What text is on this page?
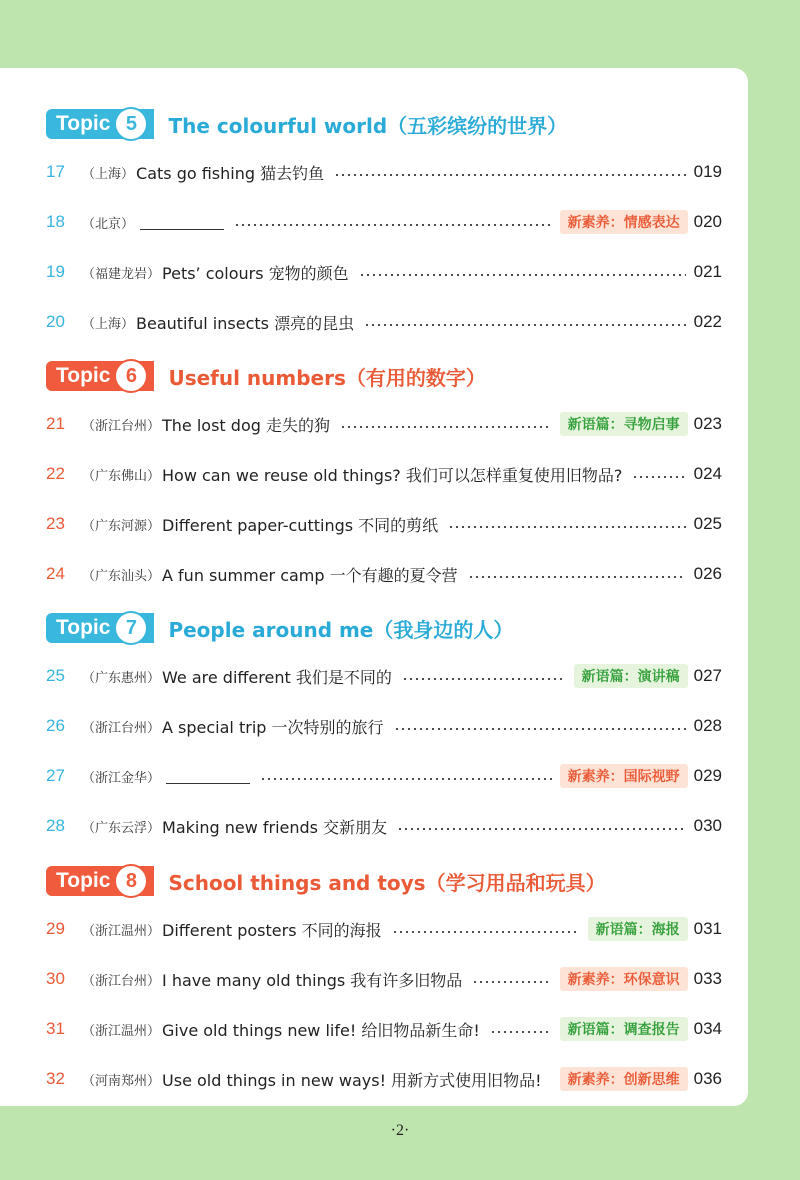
Topic 5	The colourful world（五彩缤纷的世界）
17	（上海） Cats go fishing 猫去钓鱼	019
18	（北京）	新素养：情感表达 020
19	（福建龙岩） Pets’ colours 宠物的颜色	021
20	（上海） Beautiful insects 漂亮的昆虫	022
Topic 6	Useful numbers（有用的数字）
21	（浙江台州） The lost dog 走失的狗	新语篇：寻物启事 023
22	（广东佛山） How can we reuse old things? 我们可以怎样重复使用旧物品?	024
23	（广东河源） Different paper-cuttings 不同的剪纸	025
24	（广东汕头） A fun summer camp 一个有趣的夏令营	026
Topic 7	People around me（我身边的人）
25	（广东惠州） We are different 我们是不同的	新语篇：演讲稿 027
26	（浙江台州） A special trip 一次特别的旅行	028
27	（浙江金华）	新素养：国际视野 029
28	（广东云浮） Making new friends 交新朋友	030
Topic 8	School things and toys（学习用品和玩具）
29	（浙江温州） Different posters 不同的海报	新语篇：海报 031
30	（浙江台州） I have many old things 我有许多旧物品	新素养：环保意识 033
31	（浙江温州） Give old things new life! 给旧物品新生命!	新语篇：调查报告 034
32	（河南郑州） Use old things in new ways! 用新方式使用旧物品!	新素养：创新思维 036
·2·
